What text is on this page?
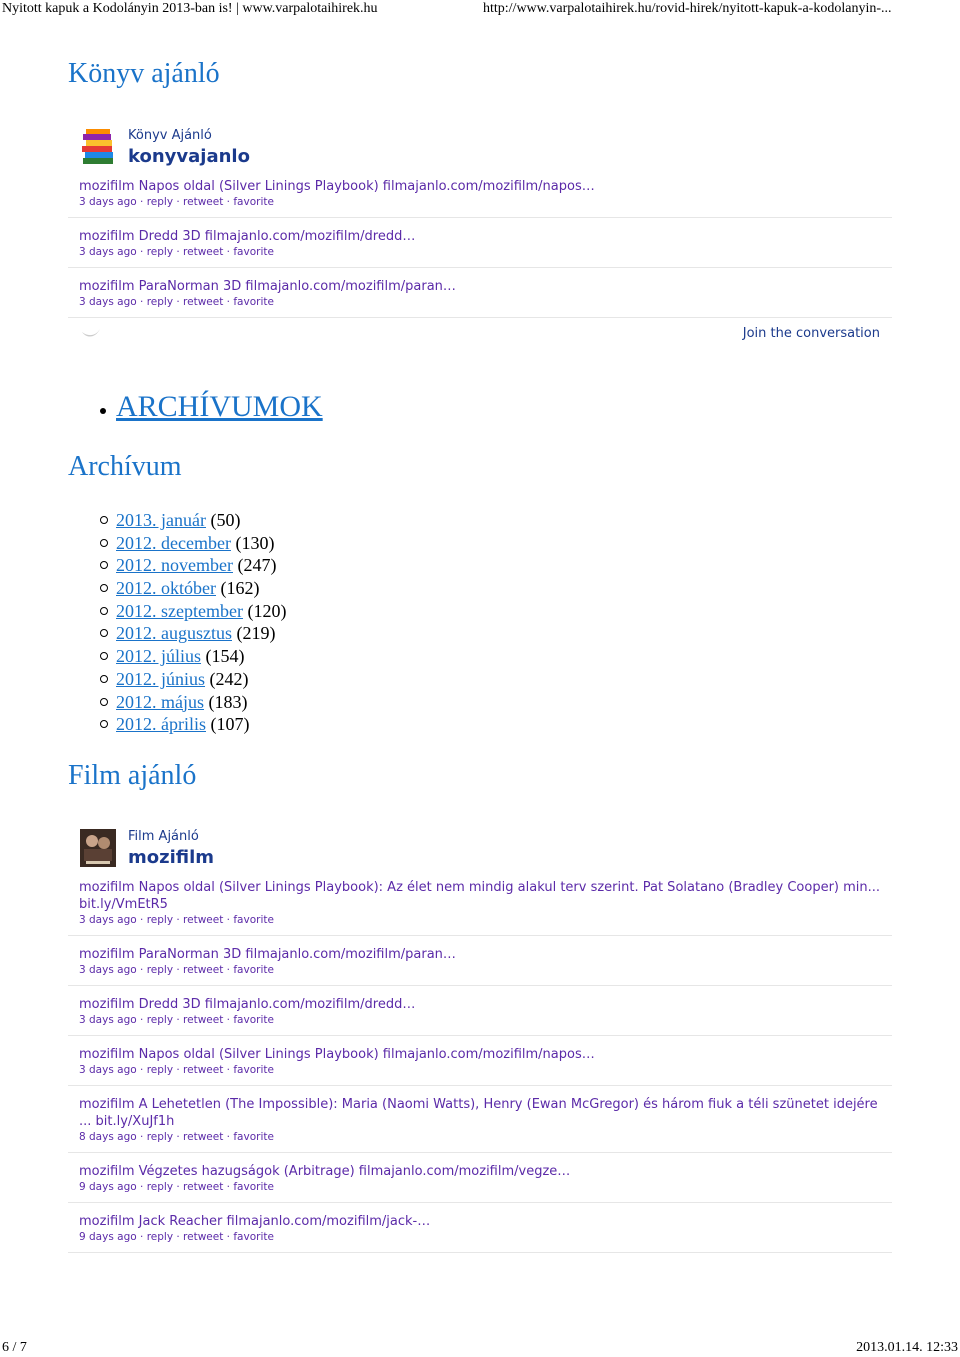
Nyitott kapuk a Kodolányin 2013-ban is! | www.varpalotaihirek.hu	http://www.varpalotaihirek.hu/rovid-hirek/nyitott-kapuk-a-kodolanyin-...
Könyv ajánló
Könyv Ajánló
konyvajanlo
mozifilm Napos oldal (Silver Linings Playbook) filmajanlo.com/mozifilm/napos…
3 days ago · reply · retweet · favorite
mozifilm Dredd 3D filmajanlo.com/mozifilm/dredd…
3 days ago · reply · retweet · favorite
mozifilm ParaNorman 3D filmajanlo.com/mozifilm/paran…
3 days ago · reply · retweet · favorite
Join the conversation
ARCHÍVUMOK
Archívum
2013. január (50)
2012. december (130)
2012. november (247)
2012. október (162)
2012. szeptember (120)
2012. augusztus (219)
2012. július (154)
2012. június (242)
2012. május (183)
2012. április (107)
Film ajánló
Film Ajánló
mozifilm
mozifilm Napos oldal (Silver Linings Playbook): Az élet nem mindig alakul terv szerint. Pat Solatano (Bradley Cooper) min... bit.ly/VmEtR5
3 days ago · reply · retweet · favorite
mozifilm ParaNorman 3D filmajanlo.com/mozifilm/paran…
3 days ago · reply · retweet · favorite
mozifilm Dredd 3D filmajanlo.com/mozifilm/dredd…
3 days ago · reply · retweet · favorite
mozifilm Napos oldal (Silver Linings Playbook) filmajanlo.com/mozifilm/napos…
3 days ago · reply · retweet · favorite
mozifilm A Lehetetlen (The Impossible): Maria (Naomi Watts), Henry (Ewan McGregor) és három fiuk a téli szünetet idejére ... bit.ly/XuJf1h
8 days ago · reply · retweet · favorite
mozifilm Végzetes hazugságok (Arbitrage) filmajanlo.com/mozifilm/vegze…
9 days ago · reply · retweet · favorite
mozifilm Jack Reacher filmajanlo.com/mozifilm/jack-…
9 days ago · reply · retweet · favorite
6 / 7	2013.01.14. 12:33
